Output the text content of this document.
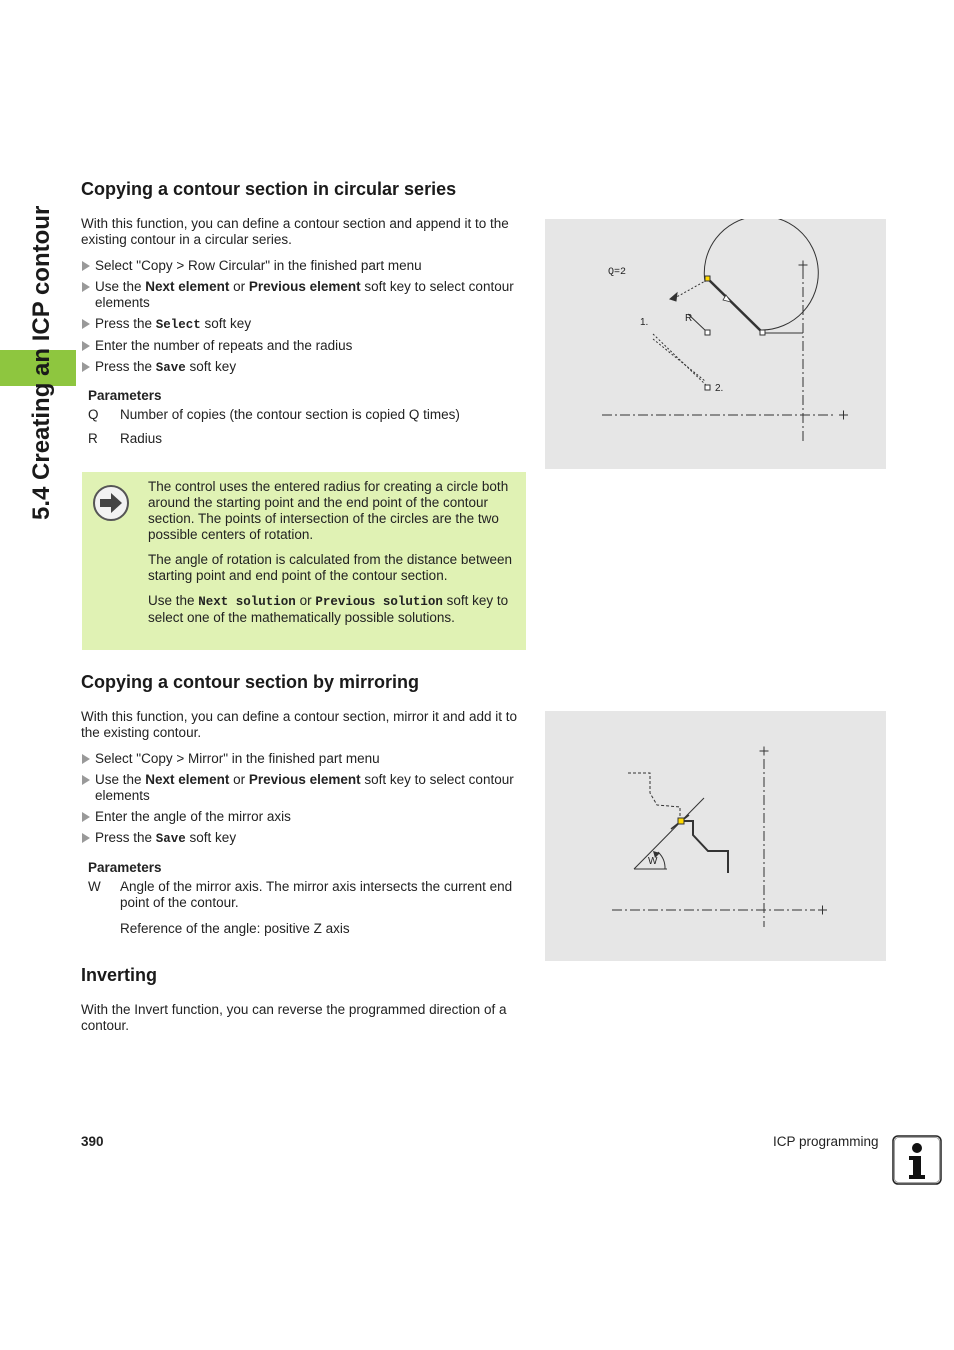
5.4 Creating an ICP contour
Copying a contour section in circular series

With this function, you can define a contour section and append it to the existing contour in a circular series.

Select "Copy > Row Circular" in the finished part menu
Use the Next element or Previous element soft key to select contour elements
Press the Select soft key
Enter the number of repeats and the radius
Press the Save soft key
Parameters
Q Number of copies (the contour section is copied Q times)
R Radius
Q=2
R
1.
2.

The control uses the entered radius for creating a circle both around the starting point and the end point of the contour section. The points of intersection of the circles are the two possible centers of rotation.

The angle of rotation is calculated from the distance between starting point and end point of the contour section.

Use the Next solution or Previous solution soft key to select one of the mathematically possible solutions.

Copying a contour section by mirroring

With this function, you can define a contour section, mirror it and add it to the existing contour.

Select "Copy > Mirror" in the finished part menu
Use the Next element or Previous element soft key to select contour elements
Enter the angle of the mirror axis
Press the Save soft key
Parameters
W Angle of the mirror axis. The mirror axis intersects the current end point of the contour.
Reference of the angle: positive Z axis
W
Inverting

With the Invert function, you can reverse the programmed direction of a contour.

390	ICP programming
